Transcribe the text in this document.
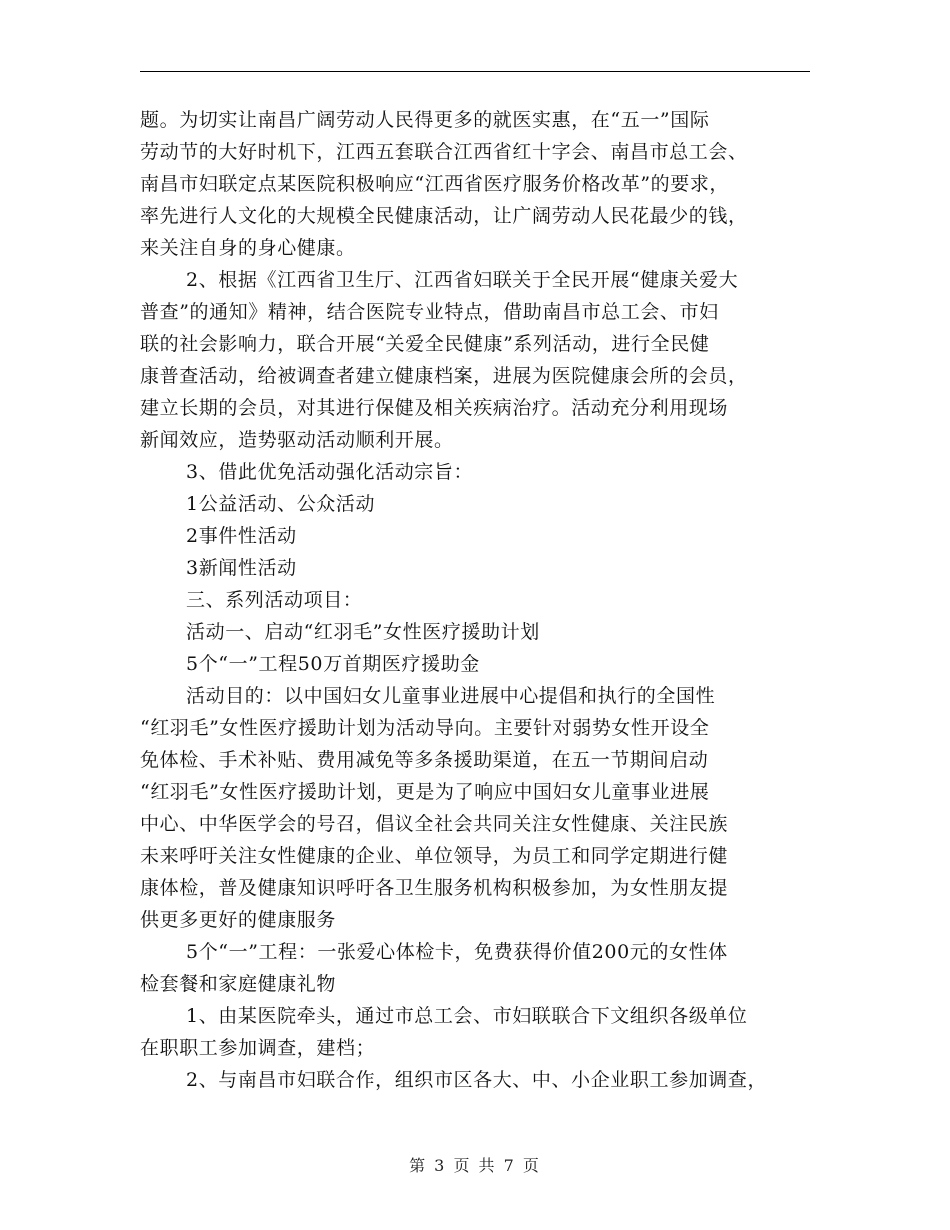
题。为切实让南昌广阔劳动人民得更多的就医实惠，在“五一”国际
劳动节的大好时机下，江西五套联合江西省红十字会、南昌市总工会、
南昌市妇联定点某医院积极响应“江西省医疗服务价格改革”的要求，
率先进行人文化的大规模全民健康活动，让广阔劳动人民花最少的钱，
来关注自身的身心健康。
2、根据《江西省卫生厅、江西省妇联关于全民开展“健康关爱大
普查”的通知》精神，结合医院专业特点，借助南昌市总工会、市妇
联的社会影响力，联合开展“关爱全民健康”系列活动，进行全民健
康普查活动，给被调查者建立健康档案，进展为医院健康会所的会员，
建立长期的会员，对其进行保健及相关疾病治疗。活动充分利用现场
新闻效应，造势驱动活动顺利开展。
3、借此优免活动强化活动宗旨：
1公益活动、公众活动
2事件性活动
3新闻性活动
三、系列活动项目：
活动一、启动“红羽毛”女性医疗援助计划
5个“一”工程50万首期医疗援助金
活动目的：以中国妇女儿童事业进展中心提倡和执行的全国性
“红羽毛”女性医疗援助计划为活动导向。主要针对弱势女性开设全
免体检、手术补贴、费用减免等多条援助渠道，在五一节期间启动
“红羽毛”女性医疗援助计划，更是为了响应中国妇女儿童事业进展
中心、中华医学会的号召，倡议全社会共同关注女性健康、关注民族
未来呼吁关注女性健康的企业、单位领导，为员工和同学定期进行健
康体检，普及健康知识呼吁各卫生服务机构积极参加，为女性朋友提
供更多更好的健康服务
5个“一”工程：一张爱心体检卡，免费获得价值200元的女性体
检套餐和家庭健康礼物
1、由某医院牵头，通过市总工会、市妇联联合下文组织各级单位
在职职工参加调查，建档；
2、与南昌市妇联合作，组织市区各大、中、小企业职工参加调查，
第 3 页 共 7 页
